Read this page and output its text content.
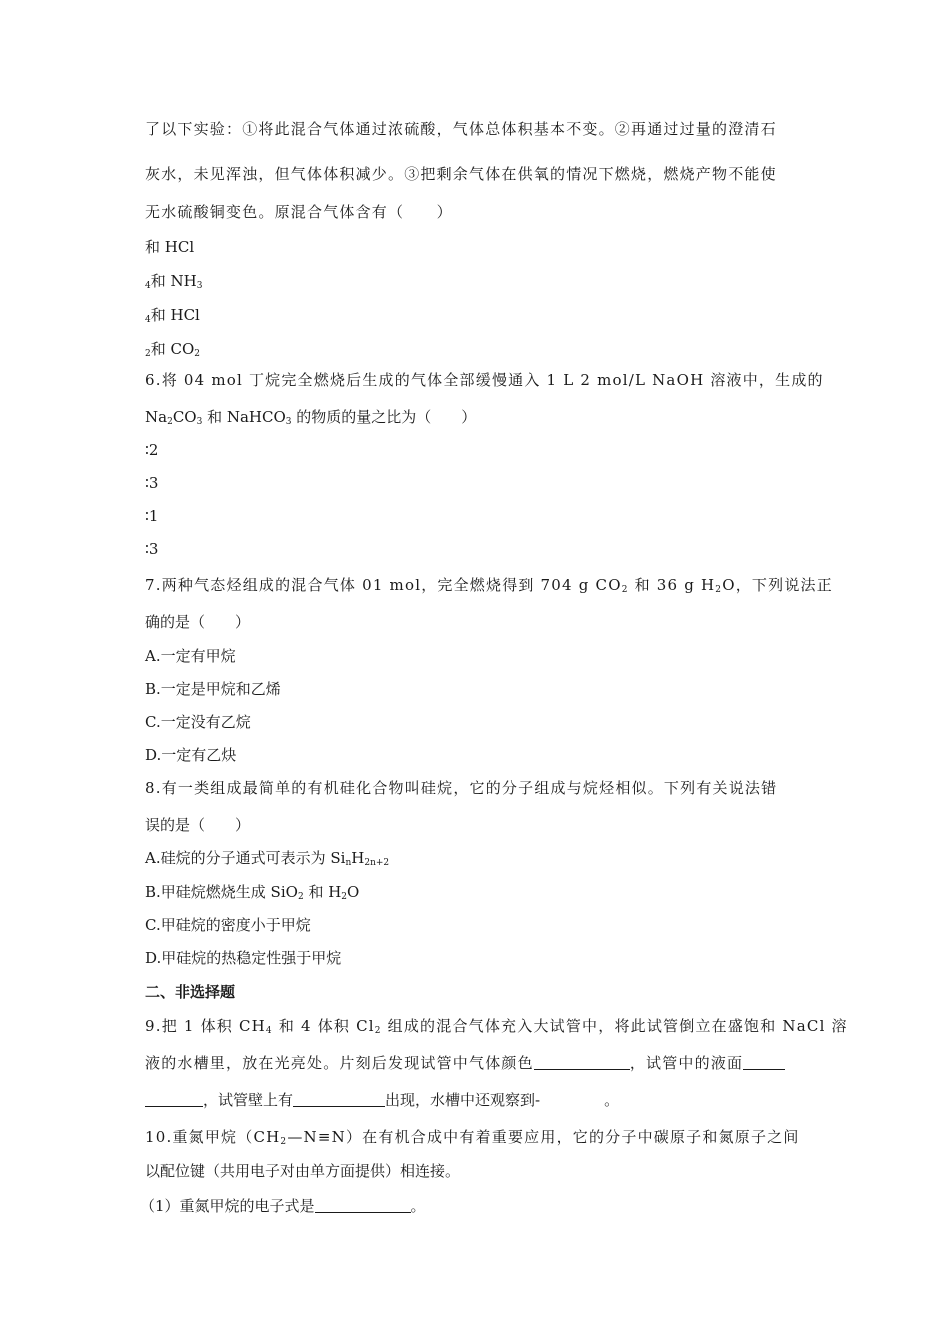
了以下实验：①将此混合气体通过浓硫酸，气体总体积基本不变。②再通过过量的澄清石
灰水，未见浑浊，但气体体积减少。③把剩余气体在供氧的情况下燃烧，燃烧产物不能使
无水硫酸铜变色。原混合气体含有（　　）
和 HCl
$_4$和 $NH_3$
$_4$和 HCl
$_2$和 $CO_2$
6.将 04 mol 丁烷完全燃烧后生成的气体全部缓慢通入 1 L 2 mol/L NaOH 溶液中，生成的
$Na_2CO_3$ 和 NaHCO$_3$ 的物质的量之比为（　　）
∶2
∶3
∶1
∶3
7.两种气态烃组成的混合气体 01 mol，完全燃烧得到 704 g $CO_2$ 和 36 g $H_2O$，下列说法正
确的是（　　）
A.一定有甲烷
B.一定是甲烷和乙烯
C.一定没有乙烷
D.一定有乙炔
8.有一类组成最简单的有机硅化合物叫硅烷，它的分子组成与烷烃相似。下列有关说法错
误的是（　　）
A.硅烷的分子通式可表示为 $Si_nH_{2n+2}$
B.甲硅烷燃烧生成 SiO$_2$ 和 $H_2O$
C.甲硅烷的密度小于甲烷
D.甲硅烷的热稳定性强于甲烷
二、非选择题
9.把 1 体积 $CH_4$ 和 4 体积 $Cl_2$ 组成的混合气体充入大试管中，将此试管倒立在盛饱和 NaCl 溶
液的水槽里，放在光亮处。片刻后发现试管中气体颜色	，试管中的液面
，试管壁上有	出现，水槽中还观察到-	。
10.重氮甲烷$(CH_2—N\equiv N)$在有机合成中有着重要应用，它的分子中碳原子和氮原子之间
以配位键（共用电子对由单方面提供）相连接。
（1）重氮甲烷的电子式是	。
